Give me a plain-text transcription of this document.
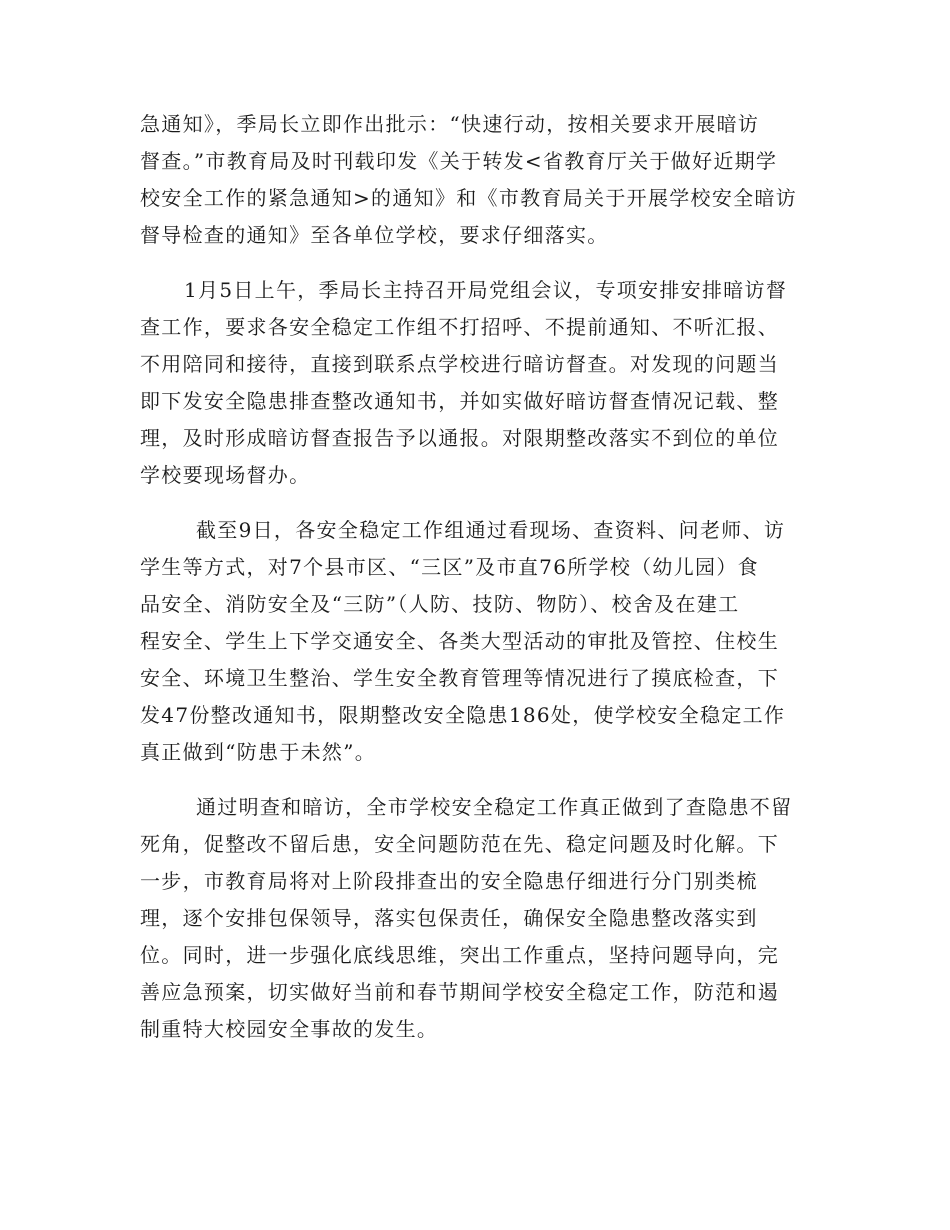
急通知》，季局长立即作出批示：“快速行动，按相关要求开展暗访
督查。”市教育局及时刊载印发《关于转发<省教育厅关于做好近期学
校安全工作的紧急通知>的通知》和《市教育局关于开展学校安全暗访
督导检查的通知》至各单位学校，要求仔细落实。
1月5日上午，季局长主持召开局党组会议，专项安排安排暗访督
查工作，要求各安全稳定工作组不打招呼、不提前通知、不听汇报、
不用陪同和接待，直接到联系点学校进行暗访督查。对发现的问题当
即下发安全隐患排查整改通知书，并如实做好暗访督查情况记载、整
理，及时形成暗访督查报告予以通报。对限期整改落实不到位的单位
学校要现场督办。
截至9日，各安全稳定工作组通过看现场、查资料、问老师、访
学生等方式，对7个县市区、“三区”及市直76所学校（幼儿园）食
品安全、消防安全及“三防”（人防、技防、物防）、校舍及在建工
程安全、学生上下学交通安全、各类大型活动的审批及管控、住校生
安全、环境卫生整治、学生安全教育管理等情况进行了摸底检查，下
发47份整改通知书，限期整改安全隐患186处，使学校安全稳定工作
真正做到“防患于未然”。
通过明查和暗访，全市学校安全稳定工作真正做到了查隐患不留
死角，促整改不留后患，安全问题防范在先、稳定问题及时化解。下
一步，市教育局将对上阶段排查出的安全隐患仔细进行分门别类梳
理，逐个安排包保领导，落实包保责任，确保安全隐患整改落实到
位。同时，进一步强化底线思维，突出工作重点，坚持问题导向，完
善应急预案，切实做好当前和春节期间学校安全稳定工作，防范和遏
制重特大校园安全事故的发生。
